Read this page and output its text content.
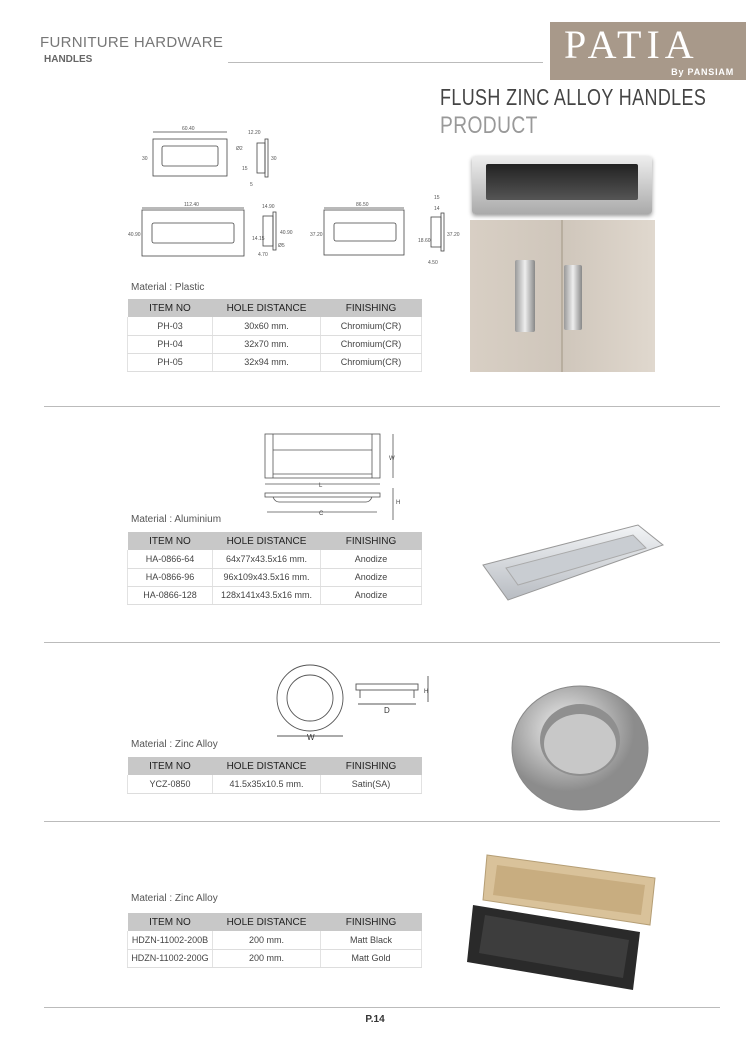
FURNITURE HARDWARE
HANDLES	PATIA
By PANSIAM
FLUSH ZINC ALLOY HANDLES
PRODUCT
60.40
12.20
30	30
15
5
112.40	14.90
40.90	40.90
14.15
4.70
86.50
15
14
37.20	37.20
18.60
4.50
Ø2
Ø5
Material : Plastic
ITEM NO	HOLE DISTANCE	FINISHING
PH-03	30x60 mm.	Chromium(CR)
PH-04	32x70 mm.	Chromium(CR)
PH-05	32x94 mm.	Chromium(CR)
W
L
H
C
Material : Aluminium
ITEM NO	HOLE DISTANCE	FINISHING
HA-0866-64	64x77x43.5x16 mm.	Anodize
HA-0866-96	96x109x43.5x16 mm.	Anodize
HA-0866-128	128x141x43.5x16 mm.	Anodize
W
D
H
Material : Zinc Alloy
ITEM NO	HOLE DISTANCE	FINISHING
YCZ-0850	41.5x35x10.5 mm.	Satin(SA)
Material : Zinc Alloy
ITEM NO	HOLE DISTANCE	FINISHING
HDZN-11002-200B	200 mm.	Matt Black
HDZN-11002-200G	200 mm.	Matt Gold
P.14
